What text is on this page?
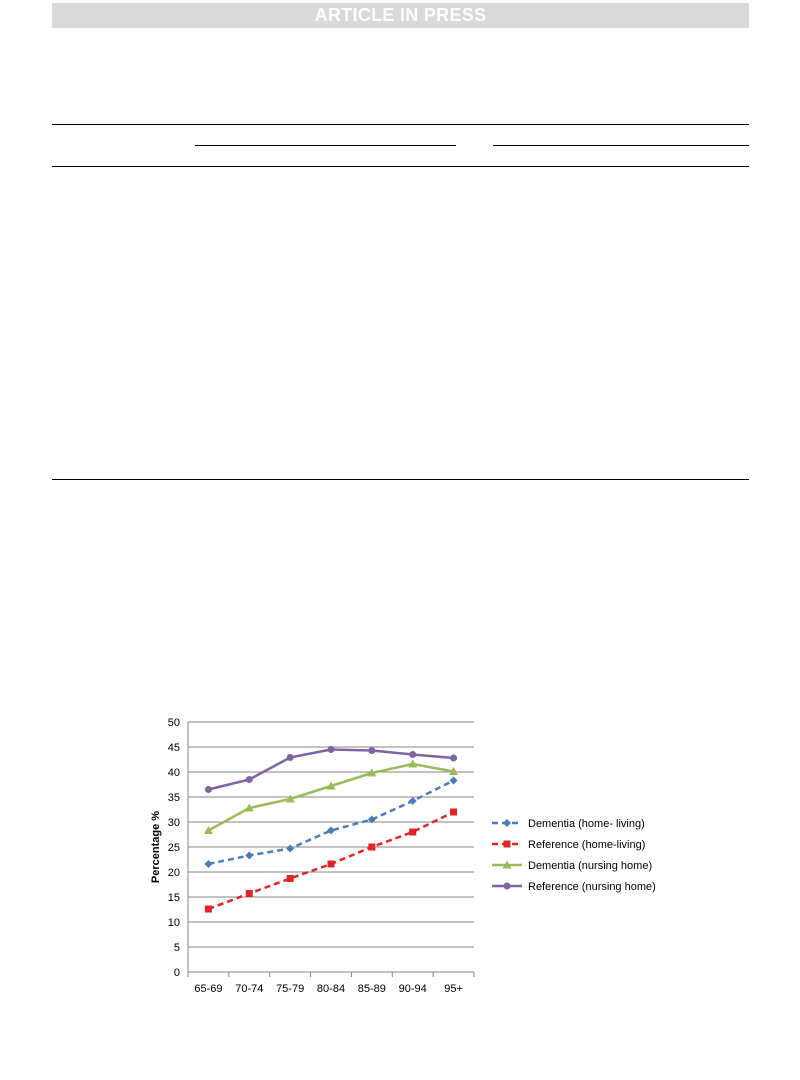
ARTICLE IN PRESS
0
5
10
15
20
25
30
35
40
45
50
65-69 70-74 75-79 80-84 85-89 90-94 95+
Percentage %	Dementia (home- living)
Reference (home-living)
Dementia (nursing home)
Reference (nursing home)
